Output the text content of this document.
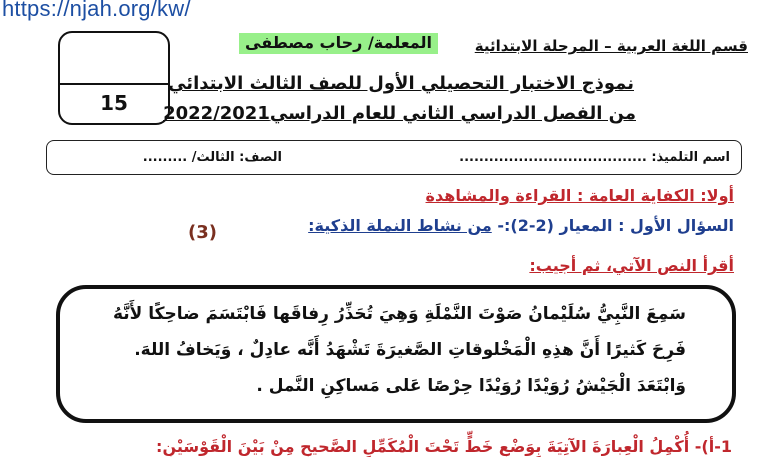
https://njah.org/kw/
15
قسم اللغة العربية – المرحلة الابتدائية
المعلمة/ رحاب مصطفى
نموذج الاختبار التحصيلي الأول للصف الثالث الابتدائي
من الفصل الدراسي الثاني للعام الدراسي2022/2021
اسم التلميذ: ......................................
الصف: الثالث/ .........
أولا: الكفاية العامة : القراءة والمشاهدة
السؤال الأول : المعيار (2-2):- من نشاط النملة الذكية:
(3)
أقرأ النص الآتي، ثم أجيب:
سَمِعَ النَّبِيُّ سُلَيْمانُ صَوْتَ النَّمْلَةِ وَهِيَ تُحَذِّرُ رِفاقَها فَابْتَسَمَ ضاحِكًا لأَنَّهُ
فَرِحَ كَثيرًا أَنَّ هذِهِ الْمَخْلوقاتِ الصَّغيرَةَ تَشْهَدُ أَنَّه عادِلٌ ، وَيَخافُ اللهَ.
وَابْتَعَدَ الْجَيْشُ رُوَيْدًا رُوَيْدًا حِرْصًا عَلى مَساكِنِ النَّمل .
1-أ)- أُكْمِلُ الْعِبارَةَ الآتِيَةَ بِوَضْعِ خَطٍّ تَحْتَ الْمُكَمِّلِ الصَّحيحِ مِنْ بَيْنَ الْقَوْسَيْنِ:
